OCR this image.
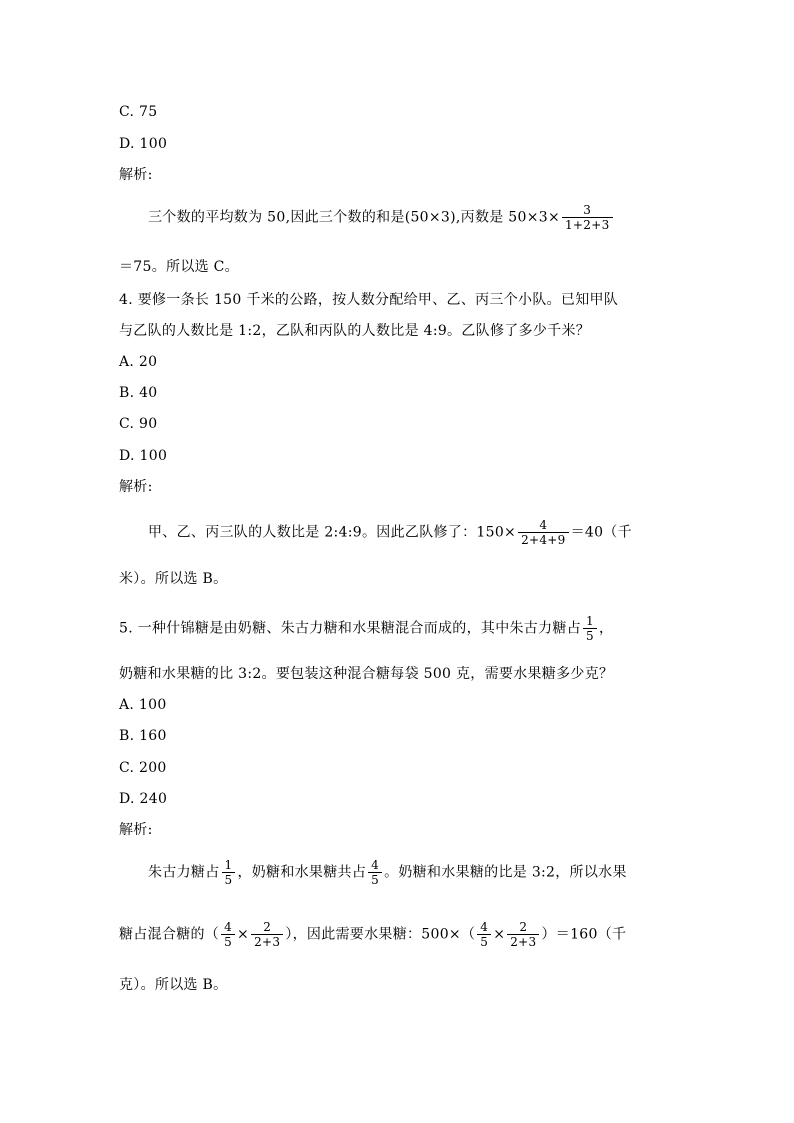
C. 75
D. 100
解析:
三个数的平均数为 50,因此三个数的和是(50×3),丙数是 $50\times 3\times \frac{3}{1+2+3}$
＝75。所以选 C。
4. 要修一条长 150 千米的公路，按人数分配给甲、乙、丙三个小队。已知甲队
与乙队的人数比是 1:2，乙队和丙队的人数比是 4:9。乙队修了多少千米？
A. 20
B. 40
C. 90
D. 100
解析:
甲、乙、丙三队的人数比是 2:4:9。因此乙队修了：$150\times \frac{4}{2+4+9} =40$（千
米）。所以选 B。
5. 一种什锦糖是由奶糖、朱古力糖和水果糖混合而成的，其中朱古力糖占 $\frac{1}{5}$ ，
奶糖和水果糖的比 3:2。要包装这种混合糖每袋 500 克，需要水果糖多少克？
A. 100
B. 160
C. 200
D. 240
解析:
朱古力糖占 $\frac{1}{5}$ ，奶糖和水果糖共占 $\frac{4}{5}$ 。奶糖和水果糖的比是 3:2，所以水果
糖占混合糖的（ $\frac{4}{5} \times \frac{2}{2+3}$ ），因此需要水果糖：$500\times( \frac{4}{5} \times \frac{2}{2+3} )=160$（千
克）。所以选 B。
